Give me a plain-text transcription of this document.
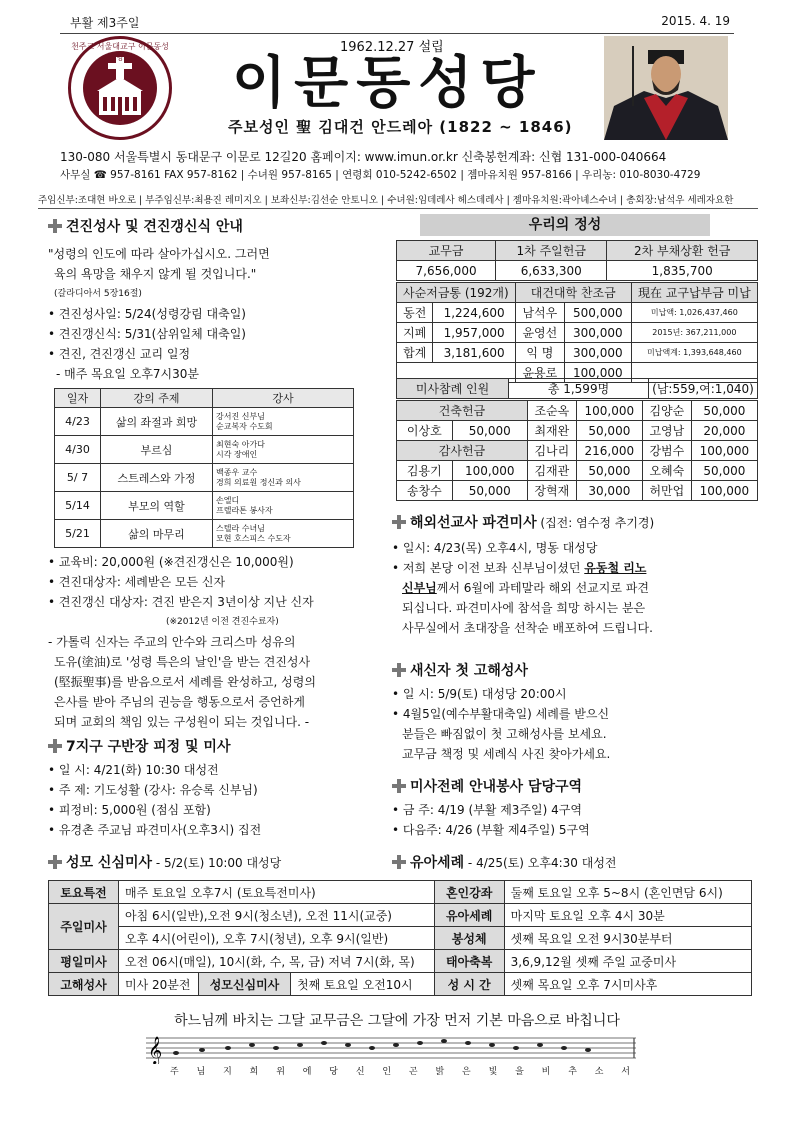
부활 제3주일	2015. 4. 19
천주교 서울대교구 이문동성당
1962.12.27 설립
이문동성당
주보성인 聖 김대건 안드레아 (1822 ~ 1846)
130-080 서울특별시 동대문구 이문로 12길20 홈페이지: www.imun.or.kr 신축봉헌계좌: 신협 131-000-040664
사무실 ☎ 957-8161 FAX 957-8162 | 수녀원 957-8165 | 연령회 010-5242-6502 | 젬마유치원 957-8166 | 우리농: 010-8030-4729
주임신부:조대현 바오로 | 부주임신부:최용진 레미지오 | 보좌신부:김선순 안토니오 | 수녀원:임데레사 헤스데레사 | 젬마유치원:곽아녜스수녀 | 총회장:남석우 세레자요한
견진성사 및 견진갱신식 안내
"성령의 인도에 따라 살아가십시오. 그러면
육의 욕망을 채우지 않게 될 것입니다."
(갈라디아서 5장16절)
• 견진성사일: 5/24(성령강림 대축일)
• 견진갱신식: 5/31(삼위일체 대축일)
• 견진, 견진갱신 교리 일정
- 매주 목요일 오후7시30분
일자	강의 주제	강사
4/23	삶의 좌절과 희망	강서진 신부님
순교복자 수도회

4/30	부르심	최현숙 아가다
시각 장애인

5/ 7	스트레스와 가정	백종우 교수
경희 의료원 정신과 의사

5/14	부모의 역할	손엘디
프렐라톤 봉사자

5/21	삶의 마무리	스텔라 수녀님
모현 호스피스 수도자
• 교육비: 20,000원 (※견진갱신은 10,000원)
• 견진대상자: 세례받은 모든 신자
• 견진갱신 대상자: 견진 받은지 3년이상 지난 신자
(※2012년 이전 견진수료자)
- 가톨릭 신자는 주교의 안수와 크리스마 성유의
도유(塗油)로 '성령 특은의 날인'을 받는 견진성사
(堅振聖事)를 받음으로서 세례를 완성하고, 성령의
은사를 받아 주님의 권능을 행동으로서 증언하게
되며 교회의 책임 있는 구성원이 되는 것입니다. -
7지구 구반장 피정 및 미사
• 일 시: 4/21(화) 10:30 대성전
• 주 제: 기도성활 (강사: 유승록 신부님)
• 피정비: 5,000원 (점심 포함)
• 유경촌 주교님 파견미사(오후3시) 집전
성모 신심미사 - 5/2(토) 10:00 대성당
우리의 정성
교무금	1차 주일헌금	2차 부채상환 헌금
7,656,000	6,633,300	1,835,700
사순저금통 (192개)		대건대학 찬조금		現在 교구납부금 미납
동전	1,224,600	남석우	500,000	미납액: 1,026,437,460
지폐	1,957,000	윤영선	300,000	2015년: 367,211,000
합계	3,181,600	익 명	300,000	미납액계: 1,393,648,460
		윤용로	100,000	
미사참례 인원	총 1,599명	(남:559,여:1,040)
건축헌금		조순옥	100,000	김양순	50,000
이상호	50,000	최재완	50,000	고영남	20,000
감사헌금		김나리	216,000	강범수	100,000
김용기	100,000	김재관	50,000	오혜숙	50,000
송창수	50,000	장혁재	30,000	허만업	100,000
해외선교사 파견미사 (집전: 염수정 추기경)
• 일시: 4/23(목) 오후4시, 명동 대성당
• 저희 본당 이전 보좌 신부님이셨던 유동철 리노
신부님께서 6월에 과테말라 해외 선교지로 파견
되십니다. 파견미사에 참석을 희망 하시는 분은
사무실에서 초대장을 선착순 배포하여 드립니다.
새신자 첫 고해성사
• 일 시: 5/9(토) 대성당 20:00시
• 4월5일(예수부활대축일) 세례를 받으신
분들은 빠짐없이 첫 고해성사를 보세요.
교무금 책정 및 세례식 사진 찾아가세요.
미사전례 안내봉사 담당구역
• 금 주: 4/19 (부활 제3주일) 4구역
• 다음주: 4/26 (부활 제4주일) 5구역
유아세례 - 4/25(토) 오후4:30 대성전
토요특전	매주 토요일 오후7시 (토요특전미사)			혼인강좌	둘째 토요일 오후 5~8시 (혼인면담 6시)
주일미사	아침 6시(일반),오전 9시(청소년), 오전 11시(교중)			유아세례	마지막 토요일 오후 4시 30분
	오후 4시(어린이), 오후 7시(청년), 오후 9시(일반)			봉성체	셋째 목요일 오전 9시30분부터
평일미사	오전 06시(매일), 10시(화, 수, 목, 금) 저녁 7시(화, 목)			태아축복	3,6,9,12월 셋째 주일 교중미사
고해성사	미사 20분전	성모신심미사	첫째 토요일 오전10시	성 시 간	셋째 목요일 오후 7시미사후
하느님께 바치는 그달 교무금은 그달에 가장 먼저 기본 마음으로 바칩니다
𝄞
주 님 지 희 위 에 당 신 인 곤 밝 은 빛 을 비 추 소 서
